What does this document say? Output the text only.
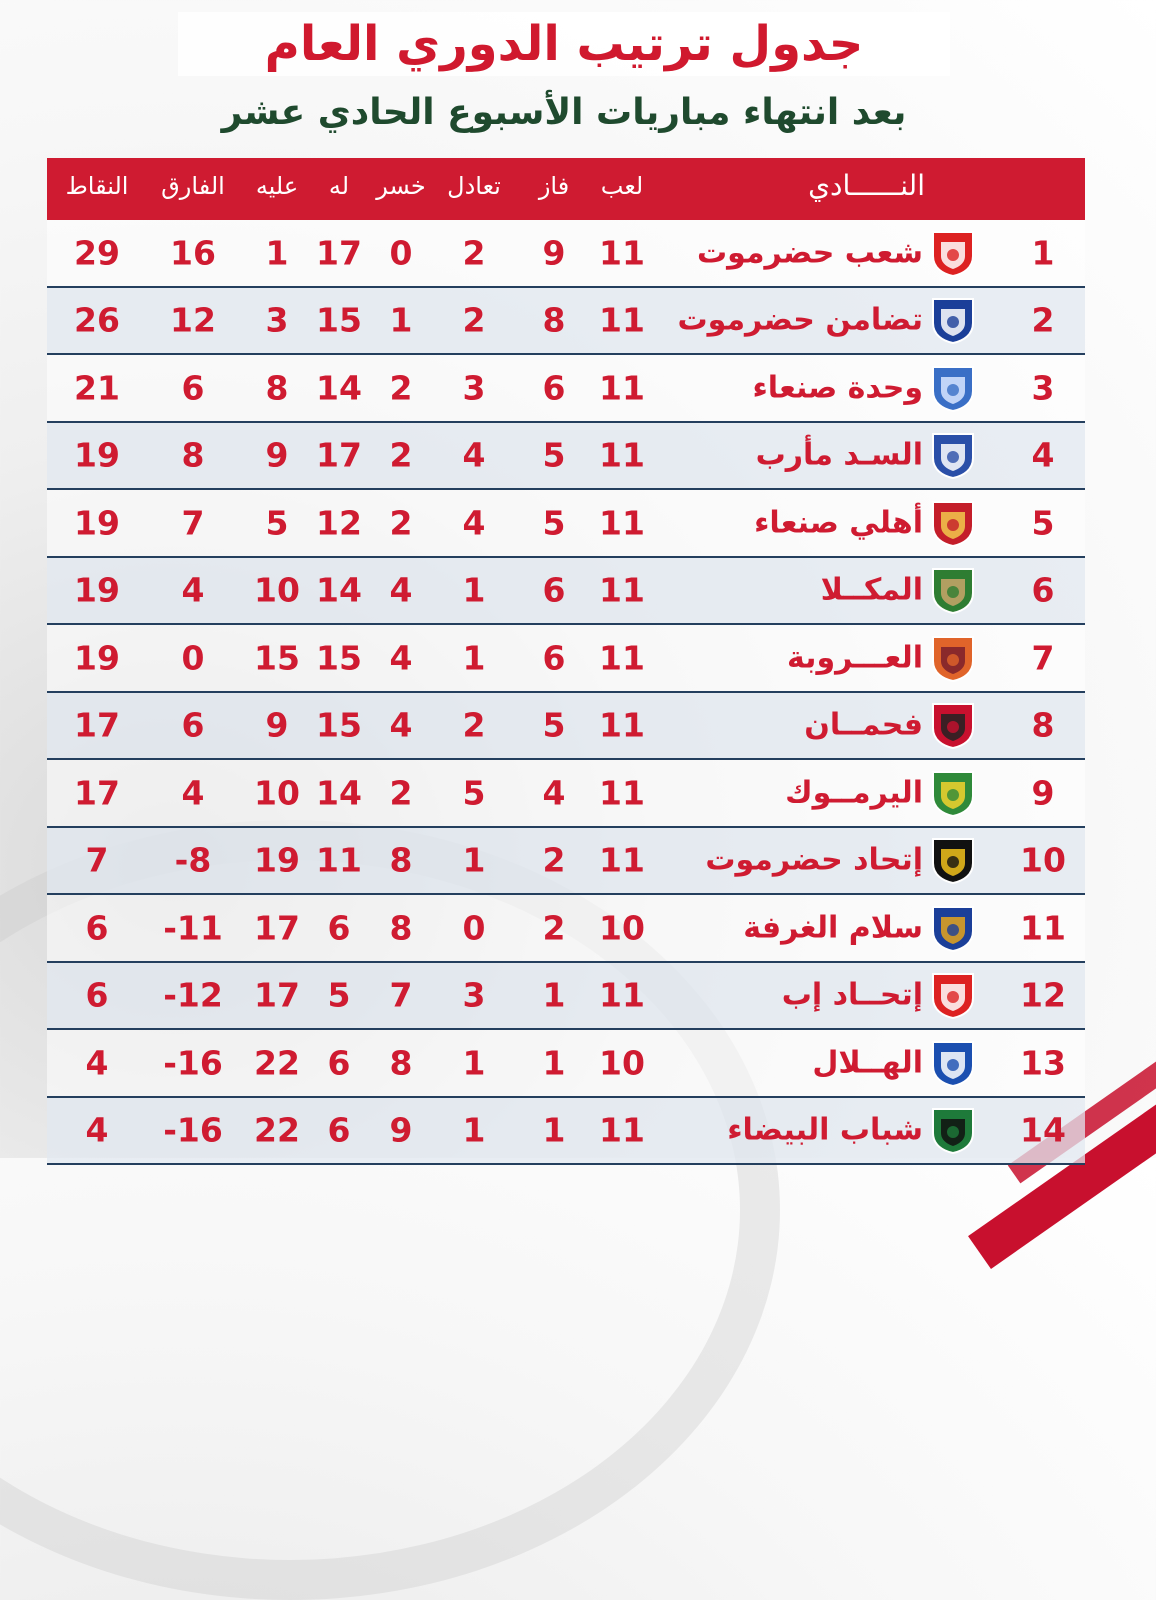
جدول ترتيب الدوري العام
بعد انتهاء مباريات الأسبوع الحادي عشر
النقاط الفارق عليه له خسر تعادل فاز لعب	النــــــادي
29 16 1 17 0 2 9 11 شعب حضرموت	1
26 12 3 15 1 2 8 11 تضامن حضرموت	2
21 6 8 14 2 3 6 11	وحدة صنعاء	3
19 8 9 17 2 4 5 11	السـد مأرب	4
19 7 5 12 2 4 5 11	أهلي صنعاء	5
19 4 10 14 4 1 6 11	المكــلا	6
19 0 15 15 4 1 6 11	العـــروبة	7
17 6 9 15 4 2 5 11	فحمــان	8
17 4 10 14 2 5 4 11	اليرمــوك	9
7 -8 19 11 8 1 2 11 إتحاد حضرموت	10
6 -11 17 6 8 0 2 10	سلام الغرفة	11
6 -12 17 5 7 3 1 11	إتحــاد إب	12
4 -16 22 6 8 1 1 10	الهــلال	13
4 -16 22 6 9 1 1 11	شباب البيضاء	14
